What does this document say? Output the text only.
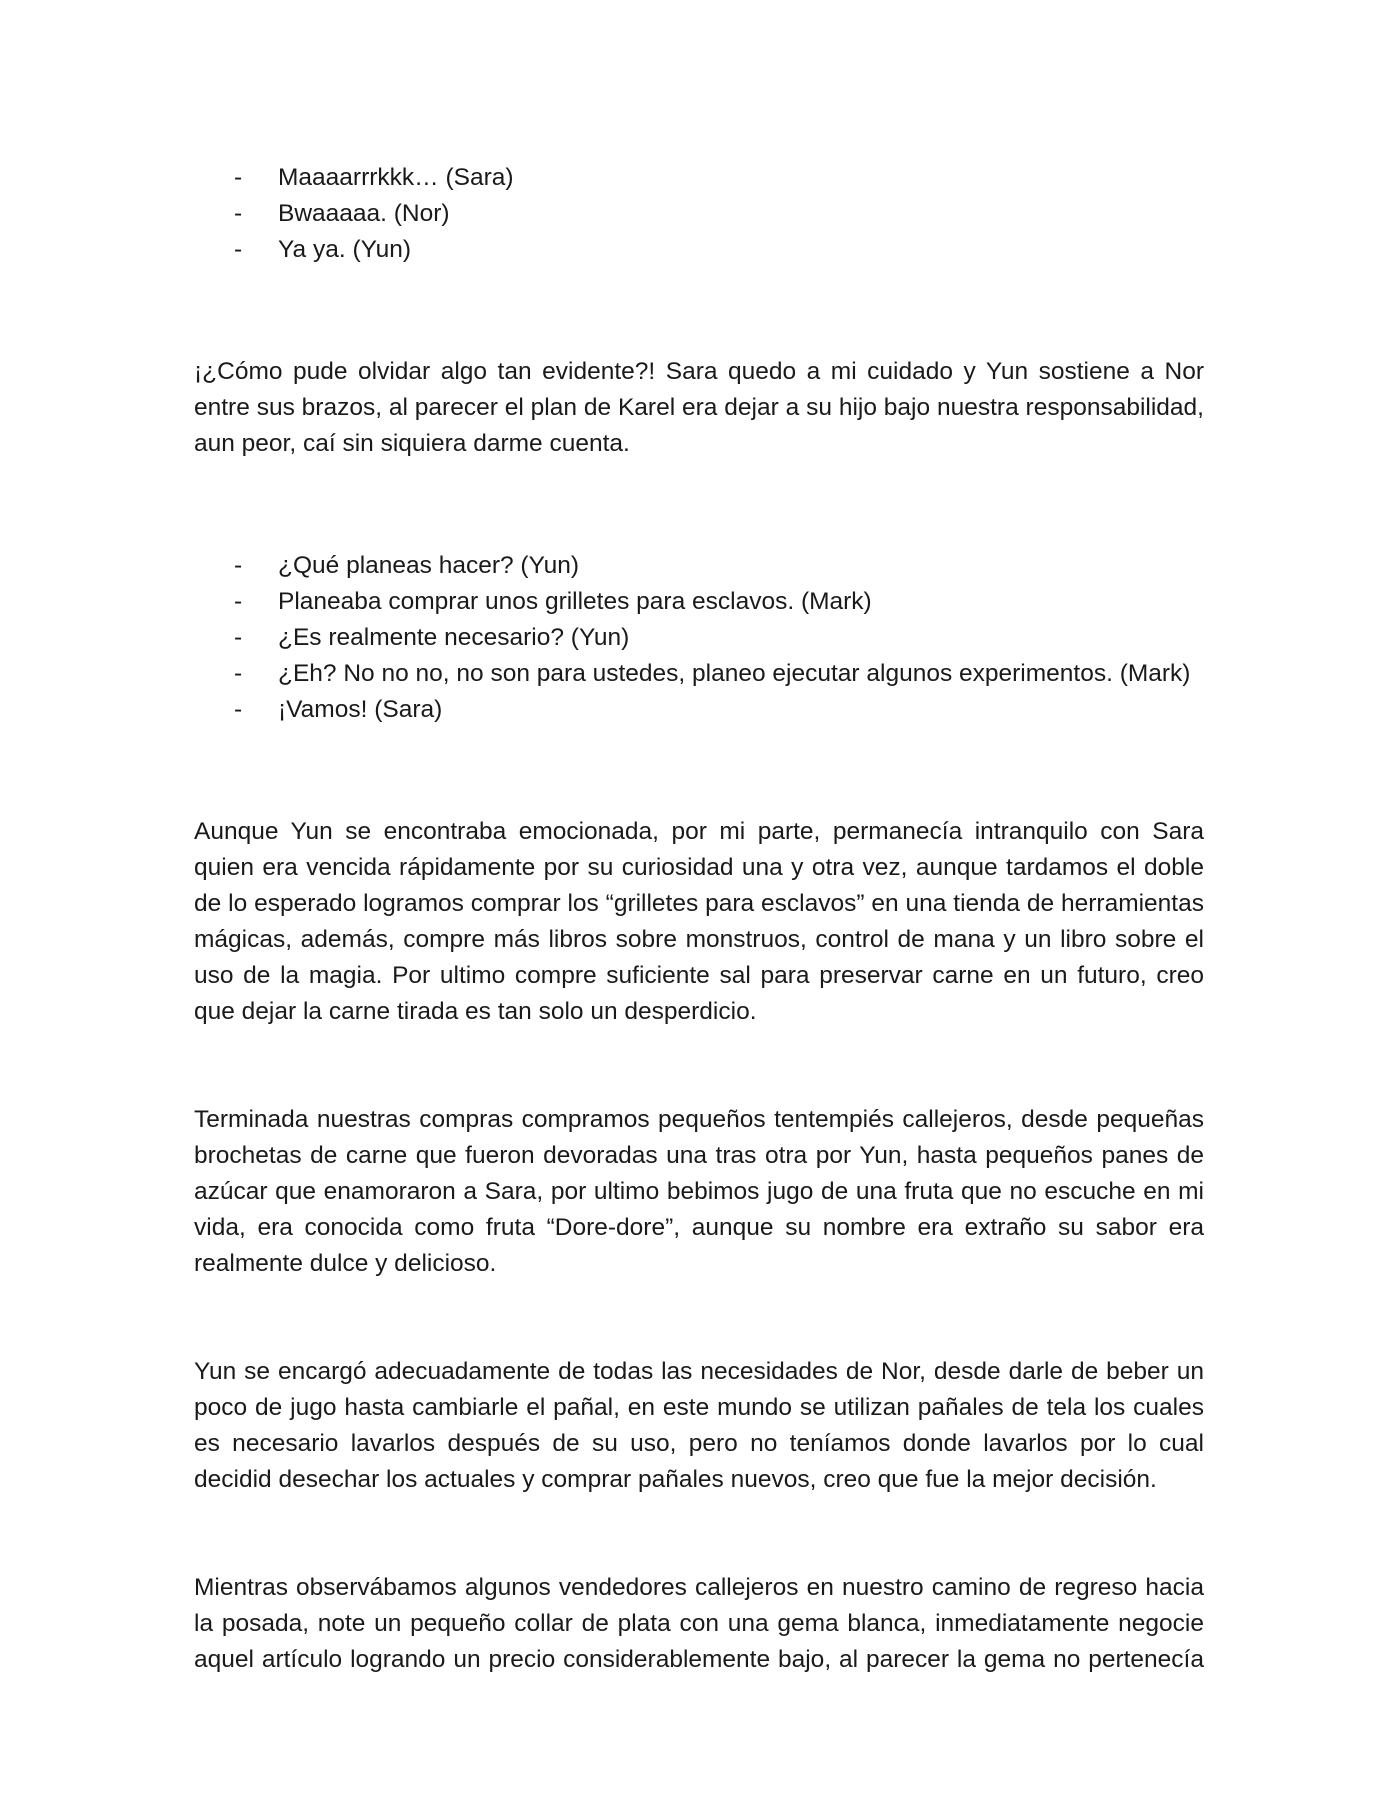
- Maaaarrrkkk… (Sara)
- Bwaaaaa. (Nor)
- Ya ya. (Yun)

¡¿Cómo pude olvidar algo tan evidente?! Sara quedo a mi cuidado y Yun sostiene a Nor entre sus brazos, al parecer el plan de Karel era dejar a su hijo bajo nuestra responsabilidad, aun peor, caí sin siquiera darme cuenta.

- ¿Qué planeas hacer? (Yun)
- Planeaba comprar unos grilletes para esclavos. (Mark)
- ¿Es realmente necesario? (Yun)
- ¿Eh? No no no, no son para ustedes, planeo ejecutar algunos experimentos. (Mark)
- ¡Vamos! (Sara)

Aunque Yun se encontraba emocionada, por mi parte, permanecía intranquilo con Sara quien era vencida rápidamente por su curiosidad una y otra vez, aunque tardamos el doble de lo esperado logramos comprar los “grilletes para esclavos” en una tienda de herramientas mágicas, además, compre más libros sobre monstruos, control de mana y un libro sobre el uso de la magia. Por ultimo compre suficiente sal para preservar carne en un futuro, creo que dejar la carne tirada es tan solo un desperdicio.

Terminada nuestras compras compramos pequeños tentempiés callejeros, desde pequeñas brochetas de carne que fueron devoradas una tras otra por Yun, hasta pequeños panes de azúcar que enamoraron a Sara, por ultimo bebimos jugo de una fruta que no escuche en mi vida, era conocida como fruta “Dore-dore”, aunque su nombre era extraño su sabor era realmente dulce y delicioso.

Yun se encargó adecuadamente de todas las necesidades de Nor, desde darle de beber un poco de jugo hasta cambiarle el pañal, en este mundo se utilizan pañales de tela los cuales es necesario lavarlos después de su uso, pero no teníamos donde lavarlos por lo cual decidid desechar los actuales y comprar pañales nuevos, creo que fue la mejor decisión.

Mientras observábamos algunos vendedores callejeros en nuestro camino de regreso hacia la posada, note un pequeño collar de plata con una gema blanca, inmediatamente negocie aquel artículo logrando un precio considerablemente bajo, al parecer la gema no pertenecía
